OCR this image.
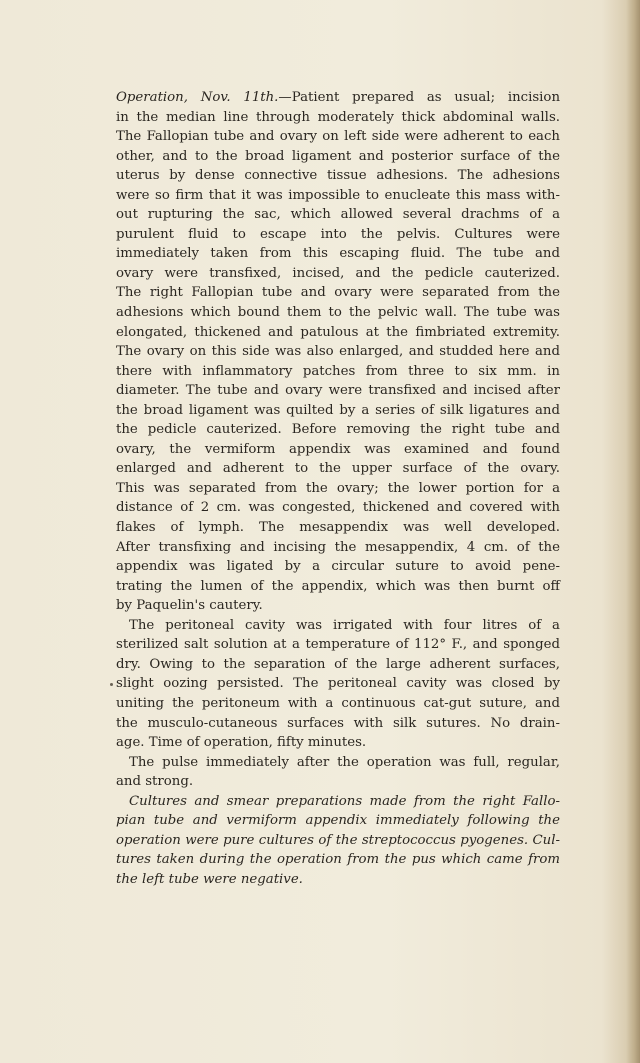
Operation, Nov. 11th.—Patient prepared as usual; incision
in the median line through moderately thick abdominal walls.
The Fallopian tube and ovary on left side were adherent to each
other, and to the broad ligament and posterior surface of the
uterus by dense connective tissue adhesions. The adhesions
were so firm that it was impossible to enucleate this mass with-
out rupturing the sac, which allowed several drachms of a
purulent fluid to escape into the pelvis. Cultures were
immediately taken from this escaping fluid. The tube and
ovary were transfixed, incised, and the pedicle cauterized.
The right Fallopian tube and ovary were separated from the
adhesions which bound them to the pelvic wall. The tube was
elongated, thickened and patulous at the fimbriated extremity.
The ovary on this side was also enlarged, and studded here and
there with inflammatory patches from three to six mm. in
diameter. The tube and ovary were transfixed and incised after
the broad ligament was quilted by a series of silk ligatures and
the pedicle cauterized. Before removing the right tube and
ovary, the vermiform appendix was examined and found
enlarged and adherent to the upper surface of the ovary.
This was separated from the ovary; the lower portion for a
distance of 2 cm. was congested, thickened and covered with
flakes of lymph. The mesappendix was well developed.
After transfixing and incising the mesappendix, 4 cm. of the
appendix was ligated by a circular suture to avoid pene-
trating the lumen of the appendix, which was then burnt off
by Paquelin's cautery.
The peritoneal cavity was irrigated with four litres of a
sterilized salt solution at a temperature of 112° F., and sponged
dry. Owing to the separation of the large adherent surfaces,
slight oozing persisted. The peritoneal cavity was closed by
uniting the peritoneum with a continuous cat-gut suture, and
the musculo-cutaneous surfaces with silk sutures. No drain-
age. Time of operation, fifty minutes.
The pulse immediately after the operation was full, regular,
and strong.
Cultures and smear preparations made from the right Fallo-
pian tube and vermiform appendix immediately following the
operation were pure cultures of the streptococcus pyogenes. Cul-
tures taken during the operation from the pus which came from
the left tube were negative.
